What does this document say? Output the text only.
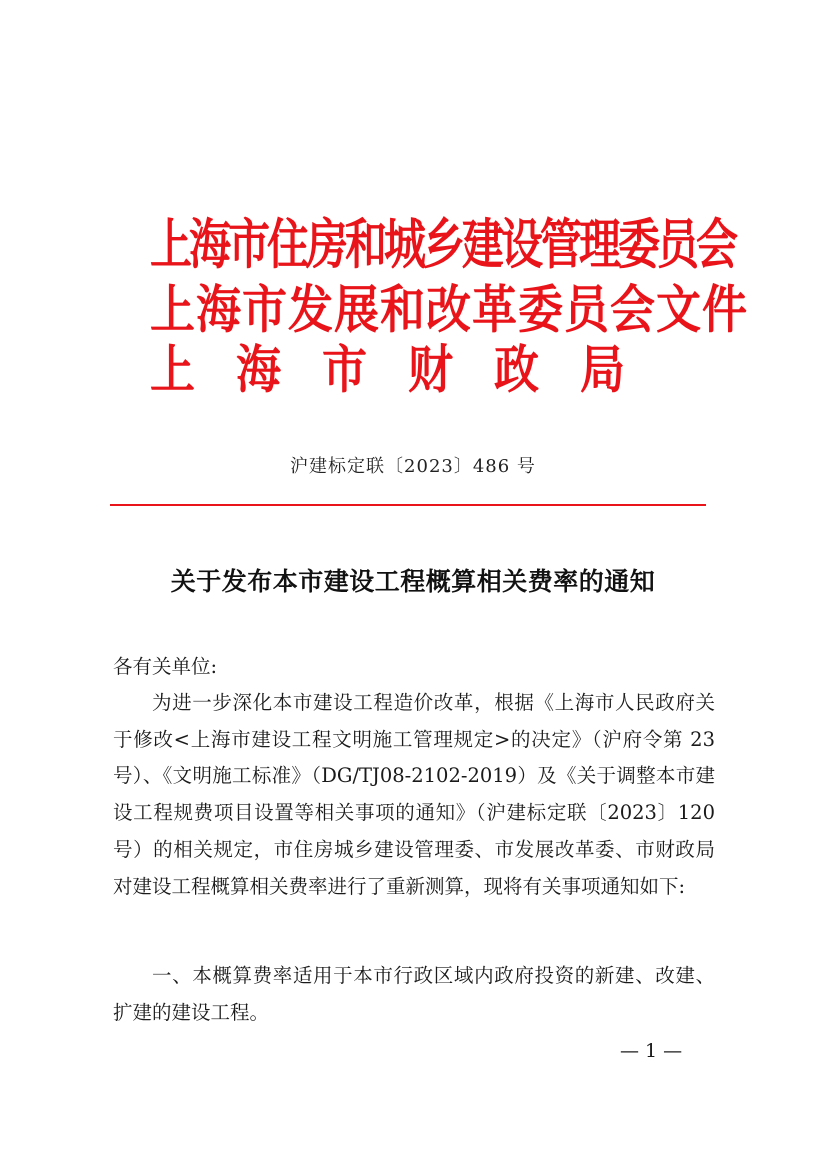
上海市住房和城乡建设管理委员会
上海市发展和改革委员会文件
上海市财政局
沪建标定联〔2023〕486 号
关于发布本市建设工程概算相关费率的通知

各有关单位:

为进一步深化本市建设工程造价改革，根据《上海市人民政府关于修改<上海市建设工程文明施工管理规定>的决定》（沪府令第 23 号）、《文明施工标准》（DG/TJ08-2102-2019）及《关于调整本市建设工程规费项目设置等相关事项的通知》（沪建标定联〔2023〕120 号）的相关规定，市住房城乡建设管理委、市发展改革委、市财政局对建设工程概算相关费率进行了重新测算，现将有关事项通知如下:

一、本概算费率适用于本市行政区域内政府投资的新建、改建、扩建的建设工程。

— 1 —
